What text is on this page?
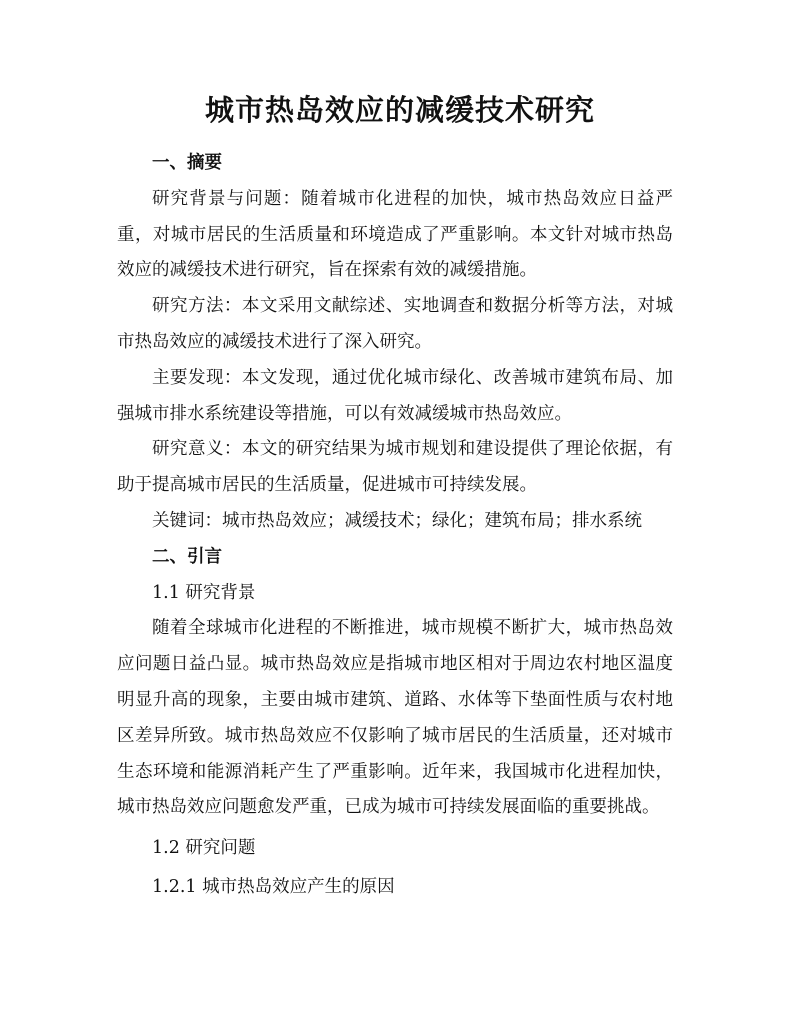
城市热岛效应的减缓技术研究

一、摘要

研究背景与问题：随着城市化进程的加快，城市热岛效应日益严重，对城市居民的生活质量和环境造成了严重影响。本文针对城市热岛效应的减缓技术进行研究，旨在探索有效的减缓措施。

研究方法：本文采用文献综述、实地调查和数据分析等方法，对城市热岛效应的减缓技术进行了深入研究。

主要发现：本文发现，通过优化城市绿化、改善城市建筑布局、加强城市排水系统建设等措施，可以有效减缓城市热岛效应。

研究意义：本文的研究结果为城市规划和建设提供了理论依据，有助于提高城市居民的生活质量，促进城市可持续发展。

关键词：城市热岛效应；减缓技术；绿化；建筑布局；排水系统

二、引言

1.1 研究背景

随着全球城市化进程的不断推进，城市规模不断扩大，城市热岛效应问题日益凸显。城市热岛效应是指城市地区相对于周边农村地区温度明显升高的现象，主要由城市建筑、道路、水体等下垫面性质与农村地区差异所致。城市热岛效应不仅影响了城市居民的生活质量，还对城市生态环境和能源消耗产生了严重影响。近年来，我国城市化进程加快，城市热岛效应问题愈发严重，已成为城市可持续发展面临的重要挑战。

1.2 研究问题

1.2.1 城市热岛效应产生的原因
